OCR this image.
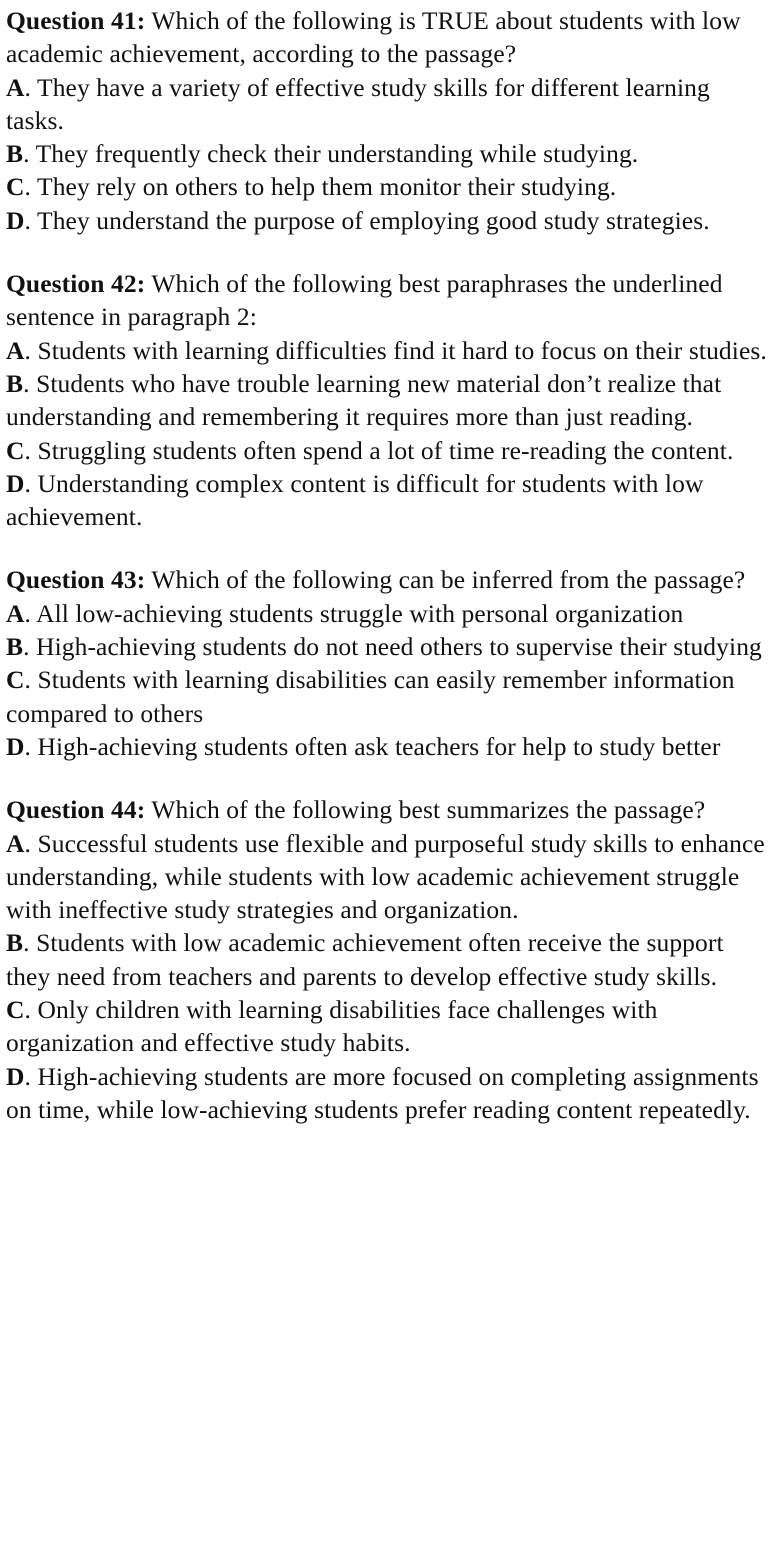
Question 41: Which of the following is TRUE about students with low academic achievement, according to the passage?

A. They have a variety of effective study skills for different learning tasks.

B. They frequently check their understanding while studying.

C. They rely on others to help them monitor their studying.

D. They understand the purpose of employing good study strategies.

Question 42: Which of the following best paraphrases the underlined sentence in paragraph 2:

A. Students with learning difficulties find it hard to focus on their studies.

B. Students who have trouble learning new material don’t realize that understanding and remembering it requires more than just reading.

C. Struggling students often spend a lot of time re-reading the content.

D. Understanding complex content is difficult for students with low achievement.

Question 43: Which of the following can be inferred from the passage?

A. All low-achieving students struggle with personal organization

B. High-achieving students do not need others to supervise their studying

C. Students with learning disabilities can easily remember information compared to others

D. High-achieving students often ask teachers for help to study better

Question 44: Which of the following best summarizes the passage?

A. Successful students use flexible and purposeful study skills to enhance understanding, while students with low academic achievement struggle with ineffective study strategies and organization.

B. Students with low academic achievement often receive the support they need from teachers and parents to develop effective study skills.

C. Only children with learning disabilities face challenges with organization and effective study habits.

D. High-achieving students are more focused on completing assignments on time, while low-achieving students prefer reading content repeatedly.
